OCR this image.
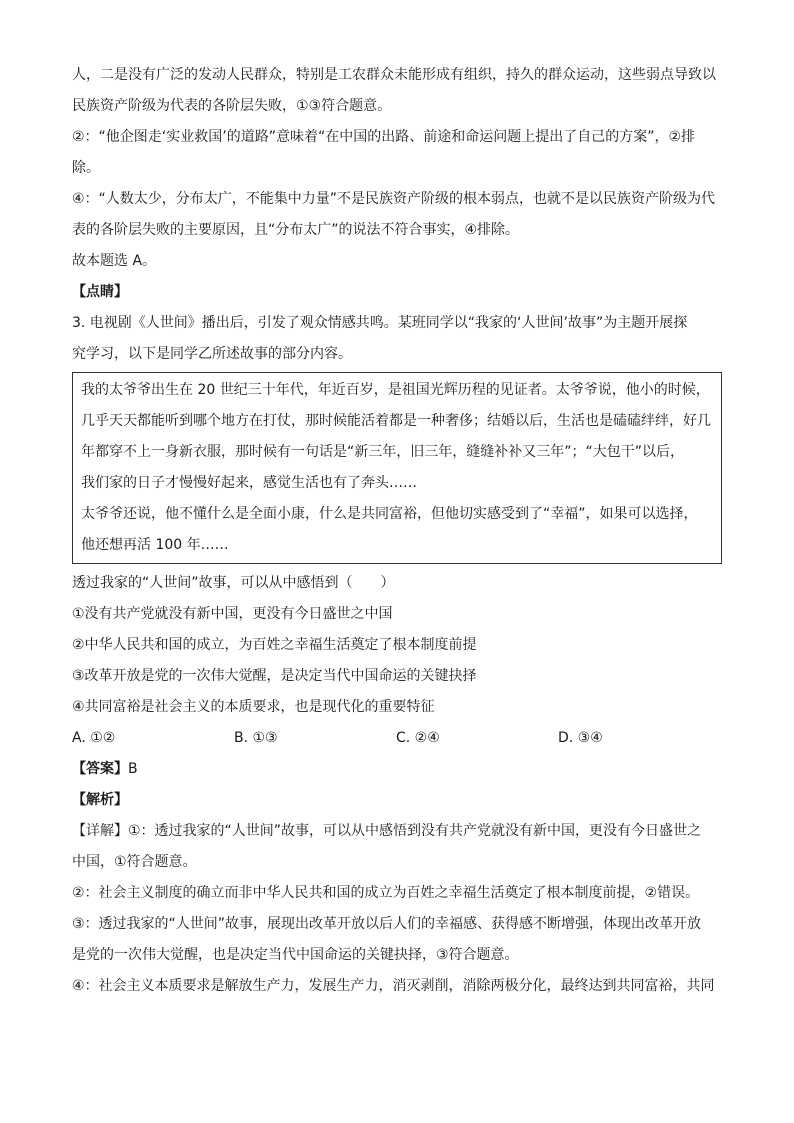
人，二是没有广泛的发动人民群众，特别是工农群众未能形成有组织，持久的群众运动，这些弱点导致以
民族资产阶级为代表的各阶层失败，①③符合题意。
②：“他企图走‘实业救国’的道路”意味着“在中国的出路、前途和命运问题上提出了自己的方案”，②排
除。
④：“人数太少，分布太广，不能集中力量”不是民族资产阶级的根本弱点，也就不是以民族资产阶级为代
表的各阶层失败的主要原因，且“分布太广”的说法不符合事实，④排除。
故本题选 A。
【点睛】
3. 电视剧《人世间》播出后，引发了观众情感共鸣。某班同学以“我家的‘人世间’故事”为主题开展探
究学习，以下是同学乙所述故事的部分内容。
我的太爷爷出生在 20 世纪三十年代，年近百岁，是祖国光辉历程的见证者。太爷爷说，他小的时候，
几乎天天都能听到哪个地方在打仗，那时候能活着都是一种奢侈；结婚以后，生活也是磕磕绊绊，好几
年都穿不上一身新衣服，那时候有一句话是“新三年，旧三年，缝缝补补又三年”；“大包干”以后，
我们家的日子才慢慢好起来，感觉生活也有了奔头……
太爷爷还说，他不懂什么是全面小康，什么是共同富裕，但他切实感受到了“幸福”，如果可以选择，
他还想再活 100 年……
透过我家的“人世间”故事，可以从中感悟到（　　）
①没有共产党就没有新中国，更没有今日盛世之中国
②中华人民共和国的成立，为百姓之幸福生活奠定了根本制度前提
③改革开放是党的一次伟大觉醒，是决定当代中国命运的关键抉择
④共同富裕是社会主义的本质要求，也是现代化的重要特征
A. ①②	B. ①③	C. ②④	D. ③④
【答案】B
【解析】
【详解】①：透过我家的“人世间”故事，可以从中感悟到没有共产党就没有新中国，更没有今日盛世之
中国，①符合题意。
②：社会主义制度的确立而非中华人民共和国的成立为百姓之幸福生活奠定了根本制度前提，②错误。
③：透过我家的“人世间”故事，展现出改革开放以后人们的幸福感、获得感不断增强，体现出改革开放
是党的一次伟大觉醒，也是决定当代中国命运的关键抉择，③符合题意。
④：社会主义本质要求是解放生产力，发展生产力，消灭剥削，消除两极分化，最终达到共同富裕，共同
